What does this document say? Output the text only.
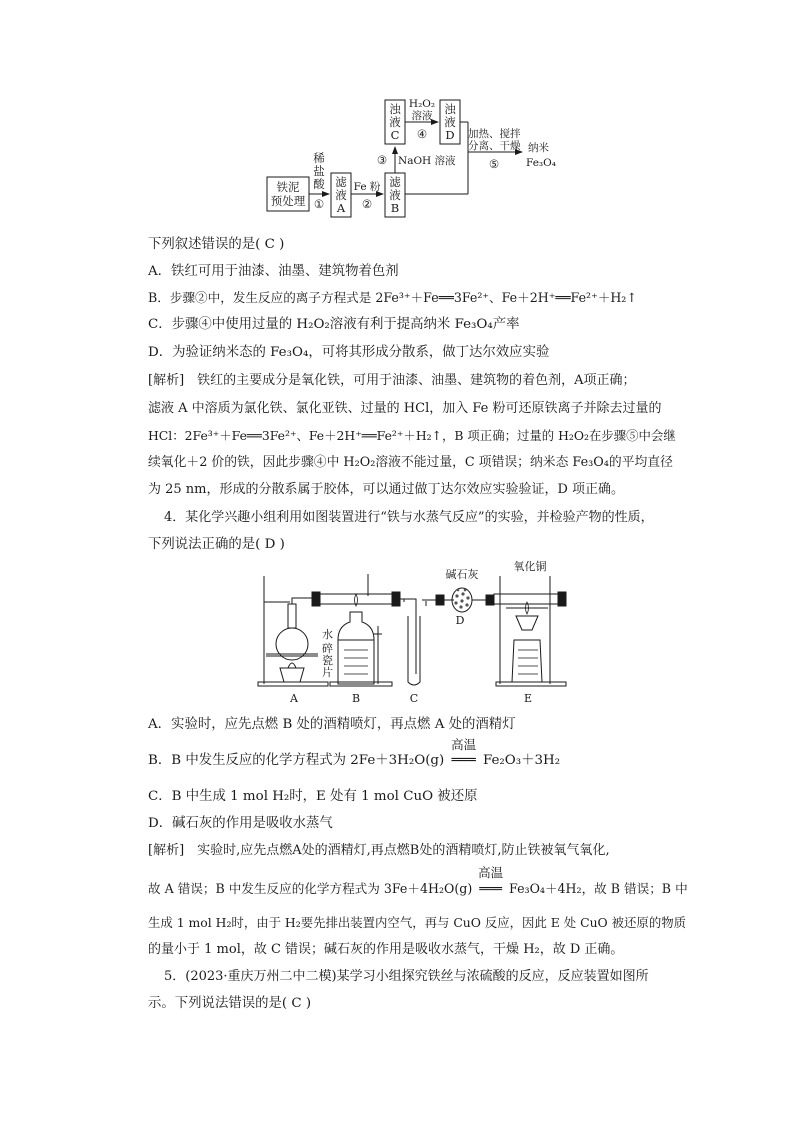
铁泥
预处理
稀
盐
酸
①
滤
液
A
Fe 粉
②
滤
液
B
③ NaOH 溶液
浊
液
C
H₂O₂
溶液
④
浊
液
D 加热、搅拌
分离、干燥
⑤
纳米
Fe₃O₄
下列叙述错误的是( C )
A．铁红可用于油漆、油墨、建筑物着色剂
B．步骤②中，发生反应的离子方程式是 2Fe³⁺＋Fe══3Fe²⁺、Fe＋2H⁺══Fe²⁺＋H₂↑
C．步骤④中使用过量的 H₂O₂溶液有利于提高纳米 Fe₃O₄产率
D．为验证纳米态的 Fe₃O₄，可将其形成分散系，做丁达尔效应实验
[解析]　铁红的主要成分是氧化铁，可用于油漆、油墨、建筑物的着色剂，A项正确；
滤液 A 中溶质为氯化铁、氯化亚铁、过量的 HCl，加入 Fe 粉可还原铁离子并除去过量的
HCl：2Fe³⁺＋Fe══3Fe²⁺、Fe＋2H⁺══Fe²⁺＋H₂↑，B 项正确；过量的 H₂O₂在步骤⑤中会继
续氧化＋2 价的铁，因此步骤④中 H₂O₂溶液不能过量，C 项错误；纳米态 Fe₃O₄的平均直径
为 25 nm，形成的分散系属于胶体，可以通过做丁达尔效应实验验证，D 项正确。
4．某化学兴趣小组利用如图装置进行“铁与水蒸气反应”的实验，并检验产物的性质，
下列说法正确的是( D )
碱石灰
氧化铜
水
碎
瓷
片
A	B	C
D
E
A．实验时，应先点燃 B 处的酒精喷灯，再点燃 A 处的酒精灯
B．B 中发生反应的化学方程式为 2Fe＋3H₂O(g)
高温
═══ Fe₂O₃＋3H₂
C．B 中生成 1 mol H₂时，E 处有 1 mol CuO 被还原
D．碱石灰的作用是吸收水蒸气
[解析]　实验时,应先点燃A处的酒精灯,再点燃B处的酒精喷灯,防止铁被氧气氧化,
故 A 错误；B 中发生反应的化学方程式为 3Fe＋4H₂O(g)
高温
═══ Fe₃O₄＋4H₂，故 B 错误；B 中
生成 1 mol H₂时，由于 H₂要先排出装置内空气，再与 CuO 反应，因此 E 处 CuO 被还原的物质
的量小于 1 mol，故 C 错误；碱石灰的作用是吸收水蒸气，干燥 H₂，故 D 正确。
5．(2023·重庆万州二中二模)某学习小组探究铁丝与浓硫酸的反应，反应装置如图所
示。下列说法错误的是( C )
